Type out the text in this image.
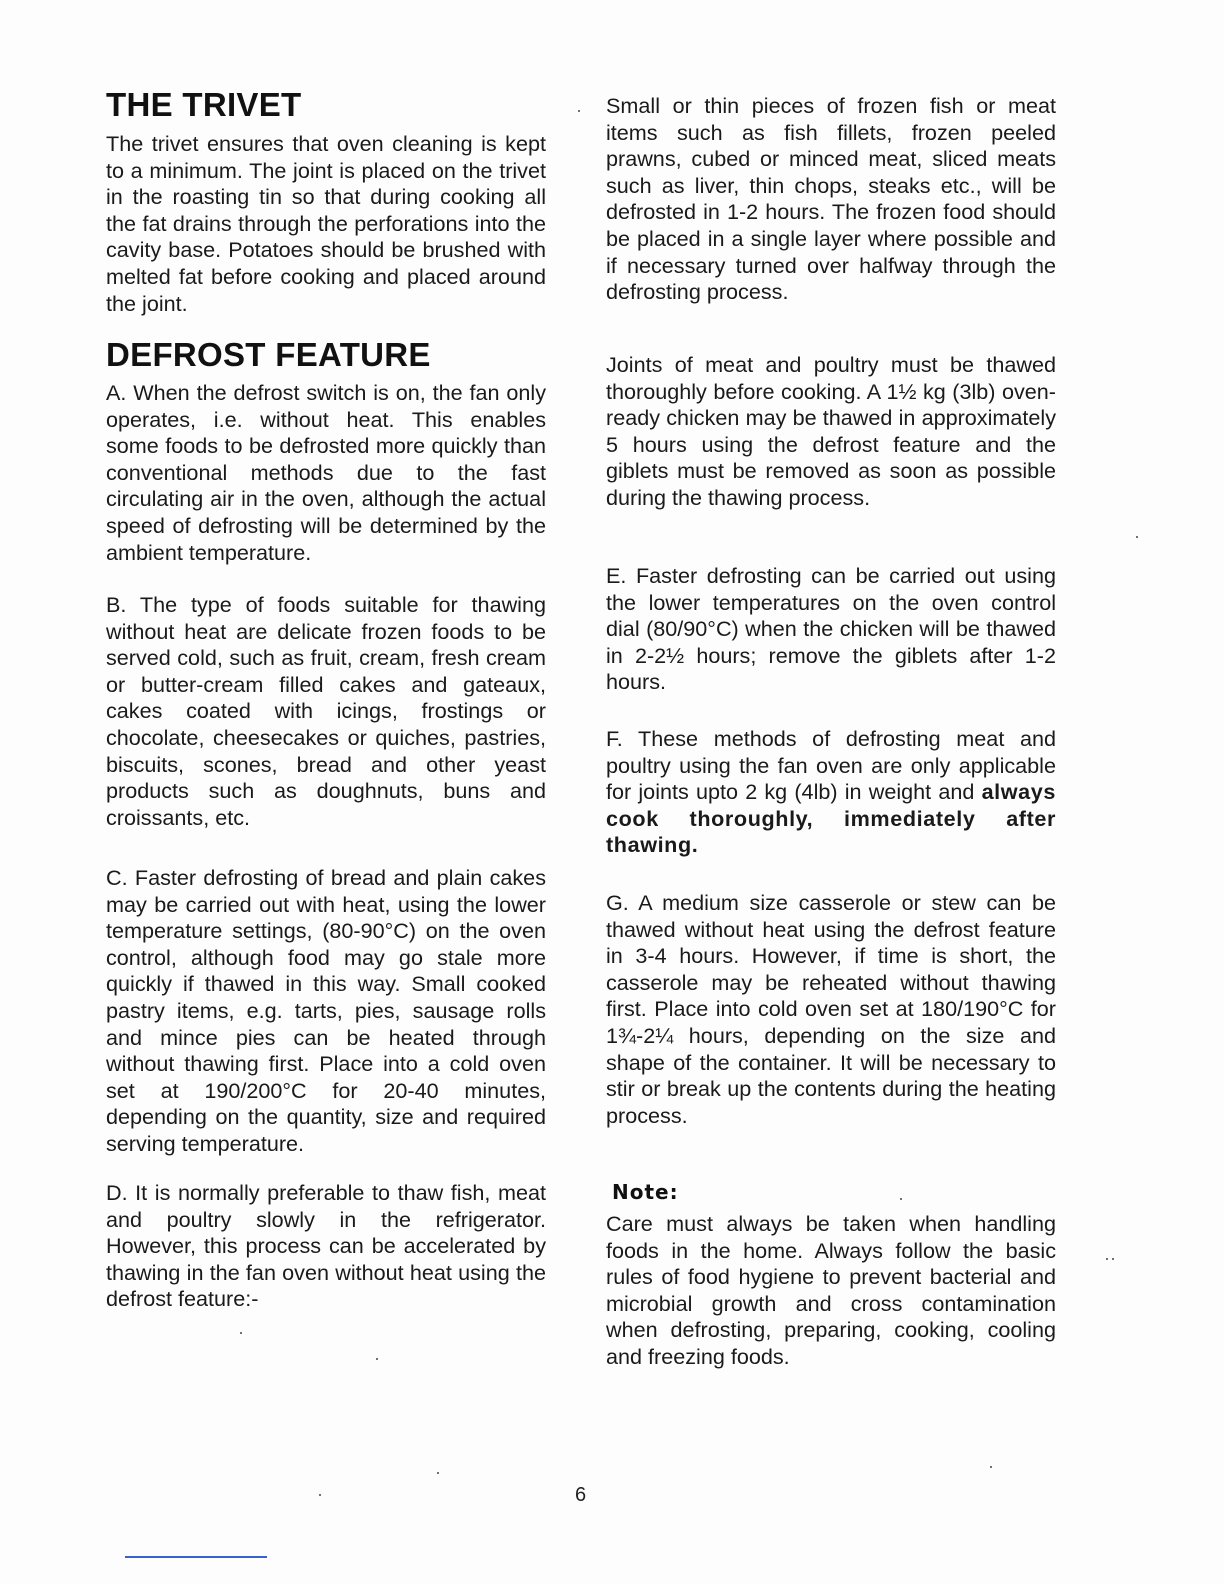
THE TRIVET

The trivet ensures that oven cleaning is kept to a minimum. The joint is placed on the trivet in the roasting tin so that during cooking all the fat drains through the perforations into the cavity base. Potatoes should be brushed with melted fat before cooking and placed around the joint.

DEFROST FEATURE

A. When the defrost switch is on, the fan only operates, i.e. without heat. This enables some foods to be defrosted more quickly than conventional methods due to the fast circulating air in the oven, although the actual speed of defrosting will be determined by the ambient temperature.

B. The type of foods suitable for thawing without heat are delicate frozen foods to be served cold, such as fruit, cream, fresh cream or butter-cream filled cakes and gateaux, cakes coated with icings, frostings or chocolate, cheesecakes or quiches, pastries, biscuits, scones, bread and other yeast products such as doughnuts, buns and croissants, etc.

C. Faster defrosting of bread and plain cakes may be carried out with heat, using the lower temperature settings, (80-90°C) on the oven control, although food may go stale more quickly if thawed in this way. Small cooked pastry items, e.g. tarts, pies, sausage rolls and mince pies can be heated through without thawing first. Place into a cold oven set at 190/200°C for 20-40 minutes, depending on the quantity, size and required serving temperature.

D. It is normally preferable to thaw fish, meat and poultry slowly in the refrigerator. However, this process can be accelerated by thawing in the fan oven without heat using the defrost feature:-

Small or thin pieces of frozen fish or meat items such as fish fillets, frozen peeled prawns, cubed or minced meat, sliced meats such as liver, thin chops, steaks etc., will be defrosted in 1-2 hours. The frozen food should be placed in a single layer where possible and if necessary turned over halfway through the defrosting process.

Joints of meat and poultry must be thawed thoroughly before cooking. A 1½ kg (3lb) oven-ready chicken may be thawed in approximately 5 hours using the defrost feature and the giblets must be removed as soon as possible during the thawing process.

E. Faster defrosting can be carried out using the lower temperatures on the oven control dial (80/90°C) when the chicken will be thawed in 2-2½ hours; remove the giblets after 1-2 hours.

F. These methods of defrosting meat and poultry using the fan oven are only applicable for joints upto 2 kg (4lb) in weight and always cook thoroughly, immediately after thawing.

G. A medium size casserole or stew can be thawed without heat using the defrost feature in 3-4 hours. However, if time is short, the casserole may be reheated without thawing first. Place into cold oven set at 180/190°C for 1¾-2¼ hours, depending on the size and shape of the container. It will be necessary to stir or break up the contents during the heating process.

Note:

Care must always be taken when handling foods in the home. Always follow the basic rules of food hygiene to prevent bacterial and microbial growth and cross contamination when defrosting, preparing, cooking, cooling and freezing foods.

6
